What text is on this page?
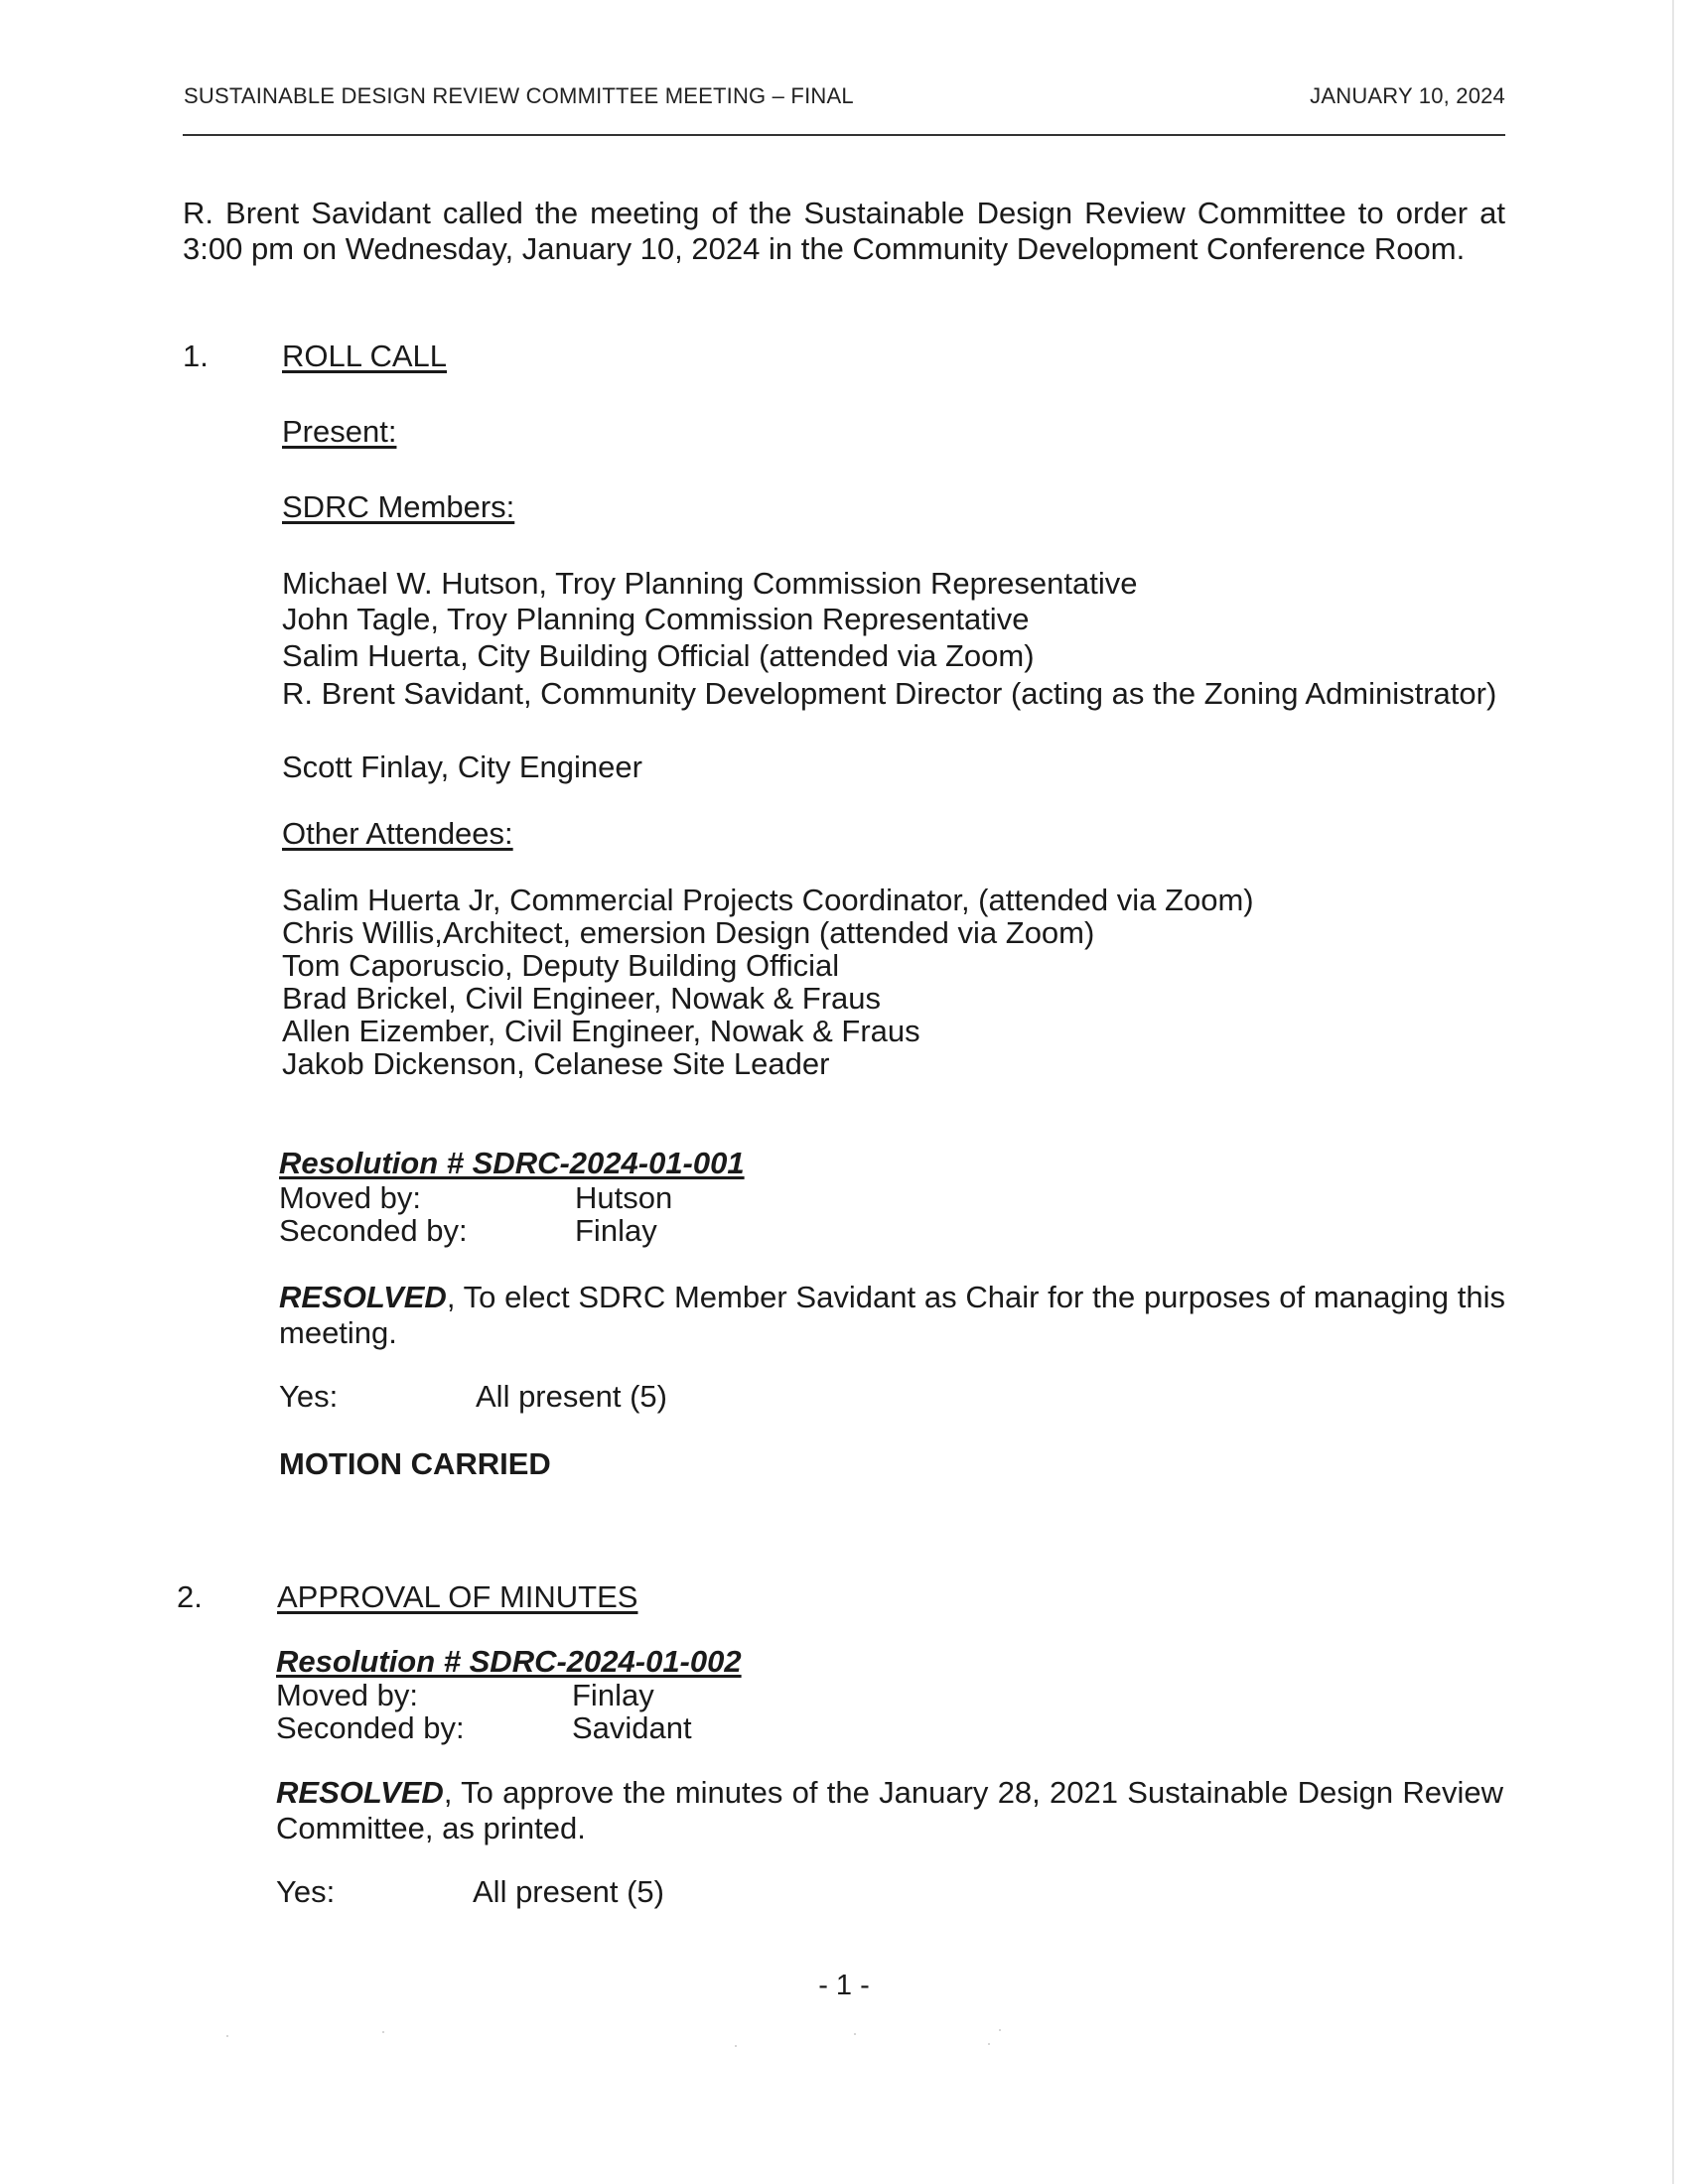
SUSTAINABLE DESIGN REVIEW COMMITTEE MEETING – FINAL	JANUARY 10, 2024
R. Brent Savidant called the meeting of the Sustainable Design Review Committee to order at 3:00 pm on Wednesday, January 10, 2024 in the Community Development Conference Room.
1. ROLL CALL
Present:
SDRC Members:
Michael W. Hutson, Troy Planning Commission Representative
John Tagle, Troy Planning Commission Representative
Salim Huerta, City Building Official (attended via Zoom)
R. Brent Savidant, Community Development Director (acting as the Zoning Administrator)
Scott Finlay, City Engineer
Other Attendees:
Salim Huerta Jr, Commercial Projects Coordinator, (attended via Zoom)
Chris Willis,Architect, emersion Design (attended via Zoom)
Tom Caporuscio, Deputy Building Official
Brad Brickel, Civil Engineer, Nowak & Fraus
Allen Eizember, Civil Engineer, Nowak & Fraus
Jakob Dickenson, Celanese Site Leader
Resolution # SDRC-2024-01-001
Moved by:	Hutson
Seconded by:	Finlay
RESOLVED, To elect SDRC Member Savidant as Chair for the purposes of managing this meeting.
Yes:	All present (5)
MOTION CARRIED
2. APPROVAL OF MINUTES
Resolution # SDRC-2024-01-002
Moved by:	Finlay
Seconded by:	Savidant
RESOLVED, To approve the minutes of the January 28, 2021 Sustainable Design Review Committee, as printed.
Yes:	All present (5)
- 1 -
